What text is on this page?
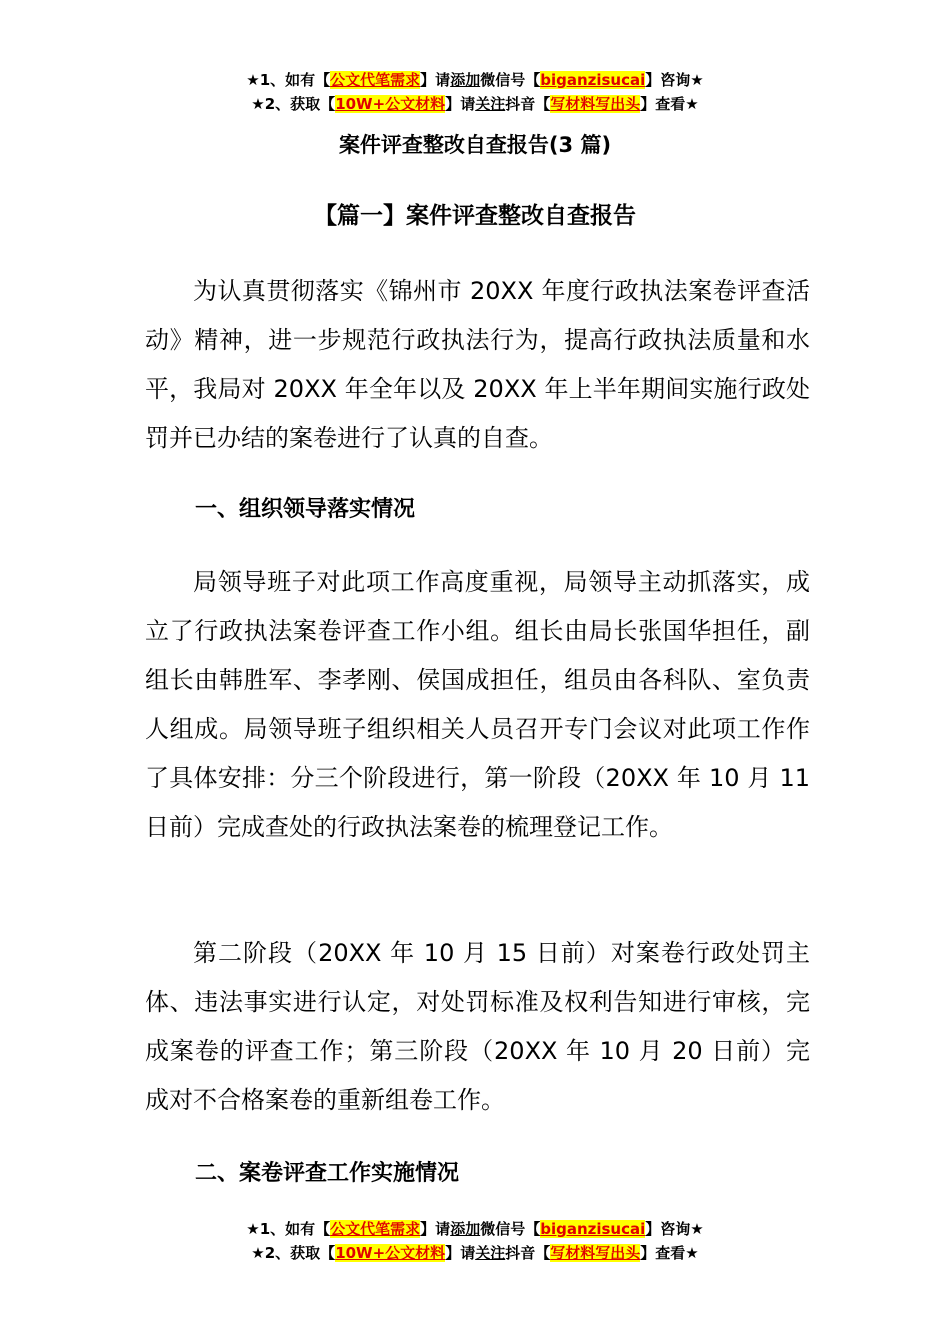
★1、如有【公文代笔需求】请添加微信号【biganzisucai】咨询★
★2、获取【10W+公文材料】请关注抖音【写材料写出头】查看★
案件评查整改自查报告(3 篇)
【篇一】案件评查整改自查报告

为认真贯彻落实《锦州市 20XX 年度行政执法案卷评查活动》精神，进一步规范行政执法行为，提高行政执法质量和水平，我局对 20XX 年全年以及 20XX 年上半年期间实施行政处罚并已办结的案卷进行了认真的自查。

一、组织领导落实情况

局领导班子对此项工作高度重视，局领导主动抓落实，成立了行政执法案卷评查工作小组。组长由局长张国华担任，副组长由韩胜军、李孝刚、侯国成担任，组员由各科队、室负责人组成。局领导班子组织相关人员召开专门会议对此项工作作了具体安排：分三个阶段进行，第一阶段（20XX 年 10 月 11 日前）完成查处的行政执法案卷的梳理登记工作。

第二阶段（20XX 年 10 月 15 日前）对案卷行政处罚主体、违法事实进行认定，对处罚标准及权利告知进行审核，完成案卷的评查工作；第三阶段（20XX 年 10 月 20 日前）完成对不合格案卷的重新组卷工作。

二、案卷评查工作实施情况
★1、如有【公文代笔需求】请添加微信号【biganzisucai】咨询★
★2、获取【10W+公文材料】请关注抖音【写材料写出头】查看★
